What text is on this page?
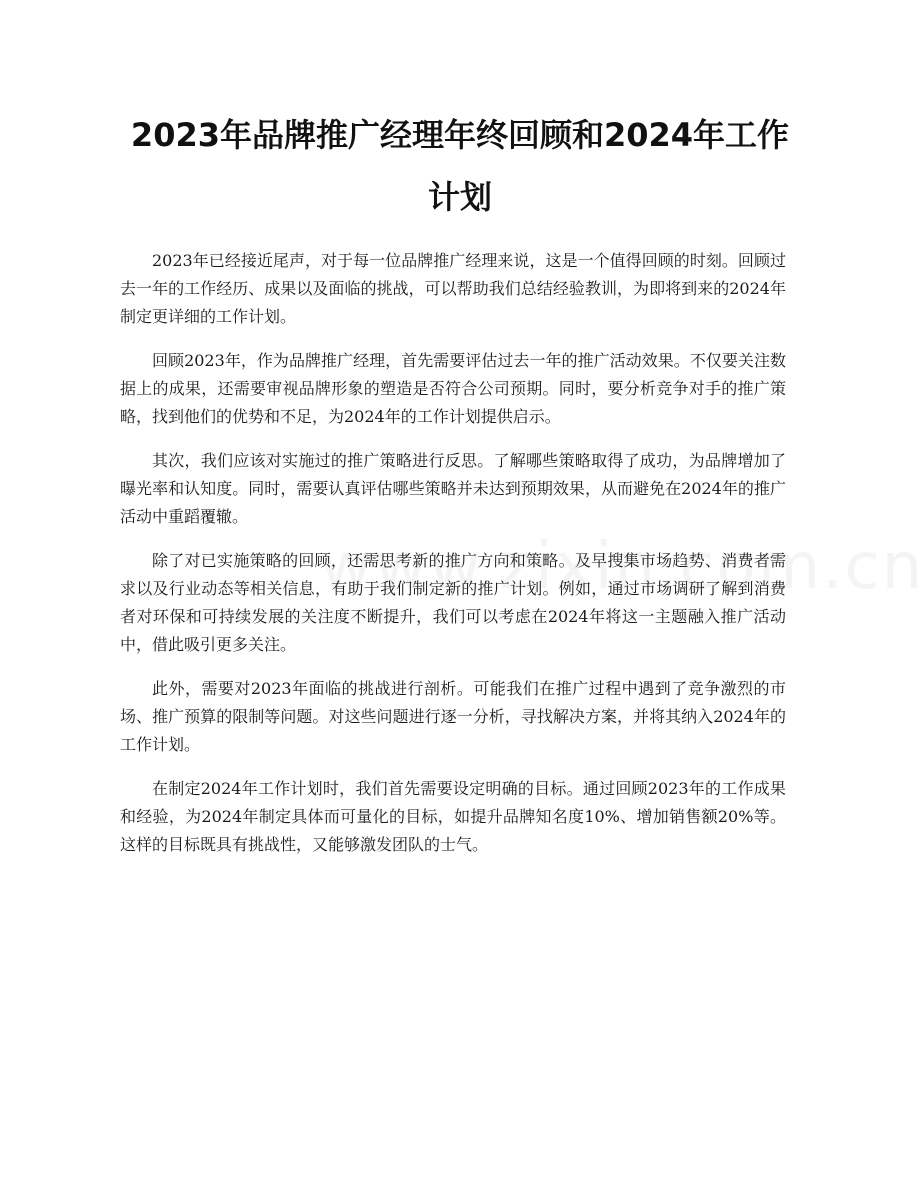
2023年品牌推广经理年终回顾和2024年工作计划

2023年已经接近尾声，对于每一位品牌推广经理来说，这是一个值得回顾的时刻。回顾过去一年的工作经历、成果以及面临的挑战，可以帮助我们总结经验教训，为即将到来的2024年制定更详细的工作计划。

回顾2023年，作为品牌推广经理，首先需要评估过去一年的推广活动效果。不仅要关注数据上的成果，还需要审视品牌形象的塑造是否符合公司预期。同时，要分析竞争对手的推广策略，找到他们的优势和不足，为2024年的工作计划提供启示。

其次，我们应该对实施过的推广策略进行反思。了解哪些策略取得了成功，为品牌增加了曝光率和认知度。同时，需要认真评估哪些策略并未达到预期效果，从而避免在2024年的推广活动中重蹈覆辙。

除了对已实施策略的回顾，还需思考新的推广方向和策略。及早搜集市场趋势、消费者需求以及行业动态等相关信息，有助于我们制定新的推广计划。例如，通过市场调研了解到消费者对环保和可持续发展的关注度不断提升，我们可以考虑在2024年将这一主题融入推广活动中，借此吸引更多关注。

此外，需要对2023年面临的挑战进行剖析。可能我们在推广过程中遇到了竞争激烈的市场、推广预算的限制等问题。对这些问题进行逐一分析，寻找解决方案，并将其纳入2024年的工作计划。

在制定2024年工作计划时，我们首先需要设定明确的目标。通过回顾2023年的工作成果和经验，为2024年制定具体而可量化的目标，如提升品牌知名度10%、增加销售额20%等。这样的目标既具有挑战性，又能够激发团队的士气。
